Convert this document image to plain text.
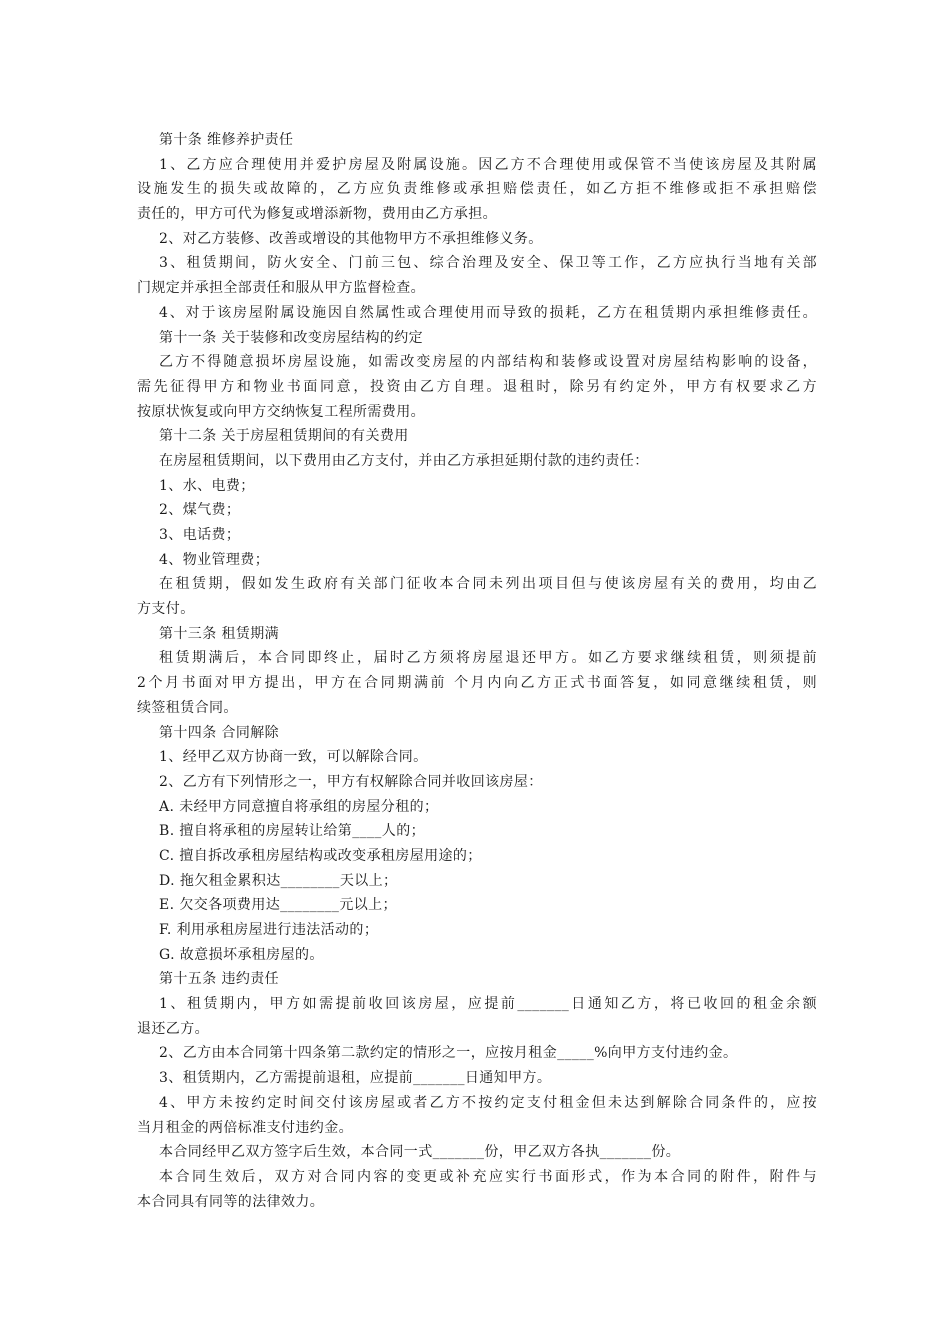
第十条 维修养护责任
1、乙方应合理使用并爱护房屋及附属设施。因乙方不合理使用或保管不当使该房屋及其附属
设施发生的损失或故障的，乙方应负责维修或承担赔偿责任，如乙方拒不维修或拒不承担赔偿
责任的，甲方可代为修复或增添新物，费用由乙方承担。
2、对乙方装修、改善或增设的其他物甲方不承担维修义务。
3、租赁期间，防火安全、门前三包、综合治理及安全、保卫等工作，乙方应执行当地有关部
门规定并承担全部责任和服从甲方监督检查。
4、对于该房屋附属设施因自然属性或合理使用而导致的损耗，乙方在租赁期内承担维修责任。
第十一条 关于装修和改变房屋结构的约定
乙方不得随意损坏房屋设施，如需改变房屋的内部结构和装修或设置对房屋结构影响的设备，
需先征得甲方和物业书面同意，投资由乙方自理。退租时，除另有约定外，甲方有权要求乙方
按原状恢复或向甲方交纳恢复工程所需费用。
第十二条 关于房屋租赁期间的有关费用
在房屋租赁期间，以下费用由乙方支付，并由乙方承担延期付款的违约责任：
1、水、电费；
2、煤气费；
3、电话费；
4、物业管理费；
在租赁期，假如发生政府有关部门征收本合同未列出项目但与使该房屋有关的费用，均由乙
方支付。
第十三条 租赁期满
租赁期满后，本合同即终止，届时乙方须将房屋退还甲方。如乙方要求继续租赁，则须提前
2个月书面对甲方提出，甲方在合同期满前 个月内向乙方正式书面答复，如同意继续租赁，则
续签租赁合同。
第十四条 合同解除
1、经甲乙双方协商一致，可以解除合同。
2、乙方有下列情形之一，甲方有权解除合同并收回该房屋：
A. 未经甲方同意擅自将承组的房屋分租的；
B. 擅自将承租的房屋转让给第____人的；
C. 擅自拆改承租房屋结构或改变承租房屋用途的；
D. 拖欠租金累积达________天以上；
E. 欠交各项费用达________元以上；
F. 利用承租房屋进行违法活动的；
G. 故意损坏承租房屋的。
第十五条 违约责任
1、租赁期内，甲方如需提前收回该房屋，应提前_______日通知乙方，将已收回的租金余额
退还乙方。
2、乙方由本合同第十四条第二款约定的情形之一，应按月租金_____%向甲方支付违约金。
3、租赁期内，乙方需提前退租，应提前_______日通知甲方。
4、甲方未按约定时间交付该房屋或者乙方不按约定支付租金但未达到解除合同条件的，应按
当月租金的两倍标准支付违约金。
本合同经甲乙双方签字后生效，本合同一式_______份，甲乙双方各执_______份。
本合同生效后，双方对合同内容的变更或补充应实行书面形式，作为本合同的附件，附件与
本合同具有同等的法律效力。
